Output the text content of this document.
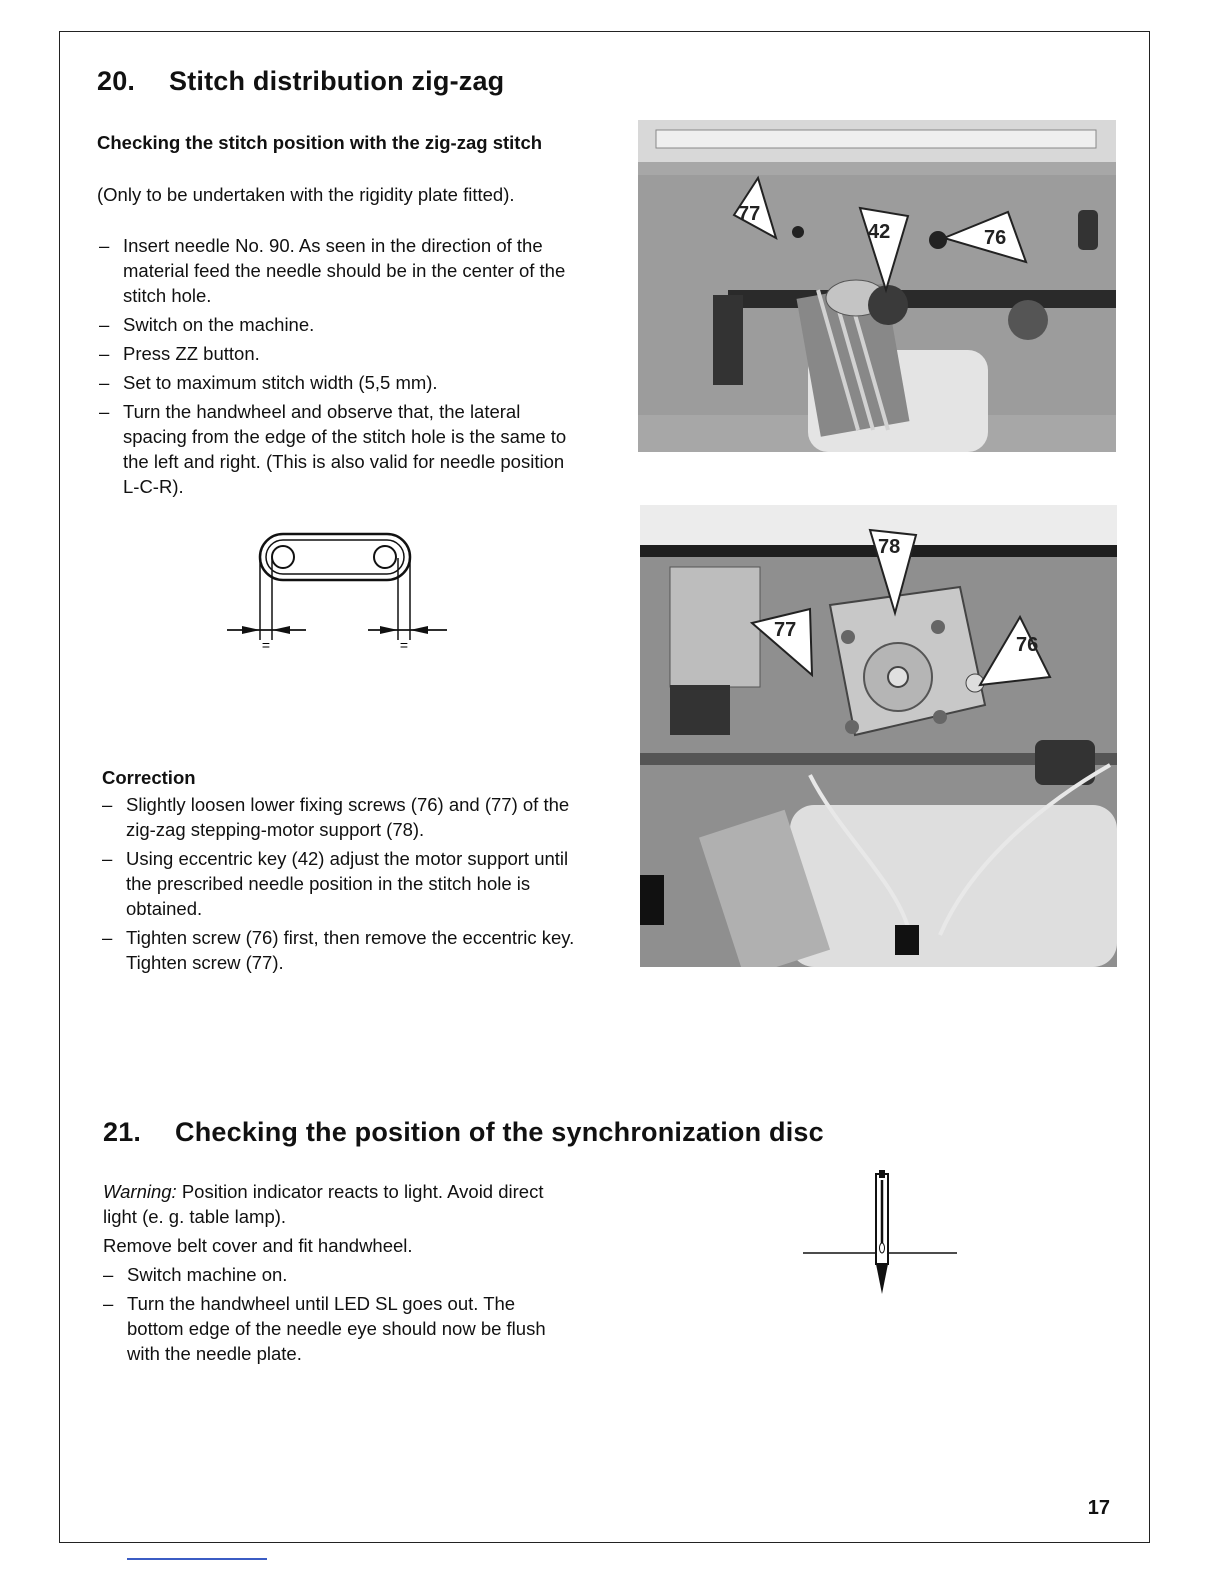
20. Stitch distribution zig-zag
Checking the stitch position with the zig-zag stitch
(Only to be undertaken with the rigidity plate fitted).
– Insert needle No. 90. As seen in the direction of the material feed the needle should be in the center of the stitch hole.
– Switch on the machine.
– Press ZZ button.
– Set to maximum stitch width (5,5 mm).
– Turn the handwheel and observe that, the lateral spacing from the edge of the stitch hole is the same to the left and right. (This is also valid for needle position L-C-R).
=	=
Correction
– Slightly loosen lower fixing screws (76) and (77) of the zig-zag stepping-motor support (78).
– Using eccentric key (42) adjust the motor support until the prescribed needle position in the stitch hole is obtained.
– Tighten screw (76) first, then remove the eccentric key. Tighten screw (77).
77
42	76
78
77
76
21. Checking the position of the synchronization disc
Warning: Position indicator reacts to light. Avoid direct light (e. g. table lamp).
Remove belt cover and fit handwheel.
– Switch machine on.
– Turn the handwheel until LED SL goes out. The bottom edge of the needle eye should now be flush with the needle plate.
17
